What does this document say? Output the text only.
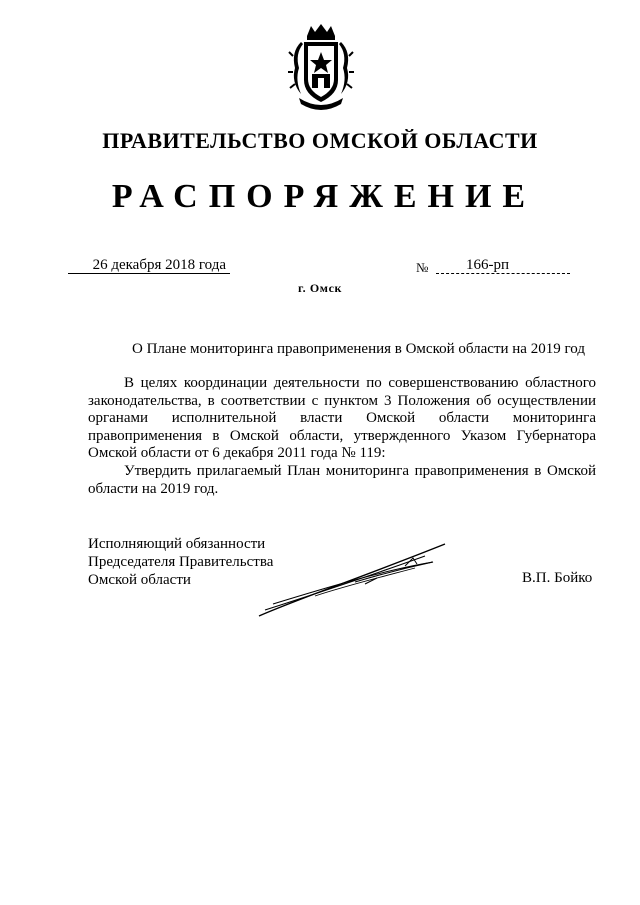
ПРАВИТЕЛЬСТВО ОМСКОЙ ОБЛАСТИ
РАСПОРЯЖЕНИЕ
26 декабря 2018 года	№	166-рп
г. Омск
О Плане мониторинга правоприменения в Омской области на 2019 год

В целях координации деятельности по совершенствованию областного законодательства, в соответствии с пунктом 3 Положения об осуществлении органами исполнительной власти Омской области мониторинга правоприменения в Омской области, утвержденного Указом Губернатора Омской области от 6 декабря 2011 года № 119:

Утвердить прилагаемый План мониторинга правоприменения в Омской области на 2019 год.

Исполняющий обязанности
Председателя Правительства
Омской области	В.П. Бойко
